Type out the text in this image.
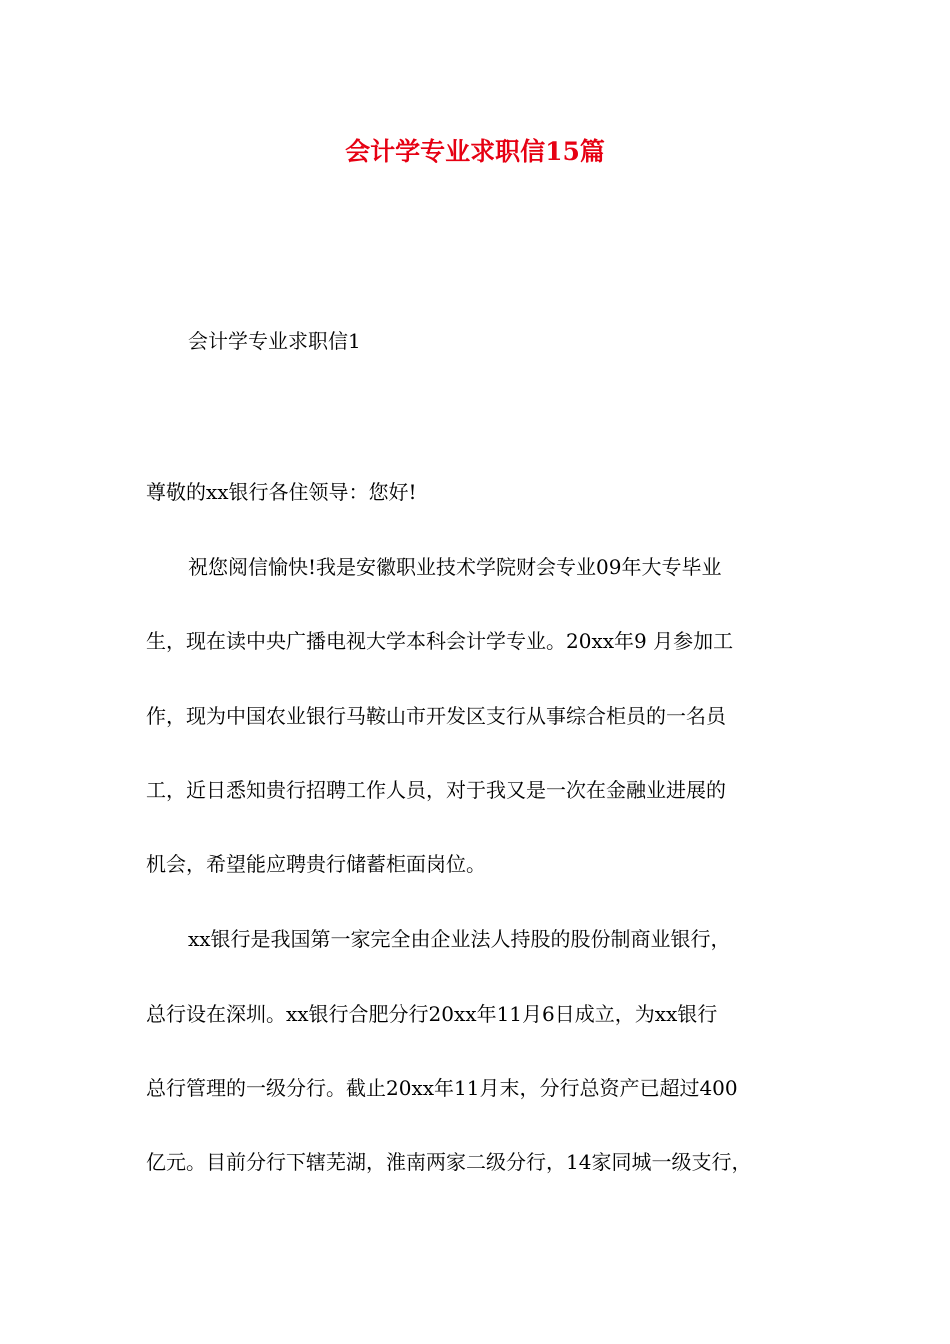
会计学专业求职信15篇

会计学专业求职信1

尊敬的xx银行各住领导：您好!

祝您阅信愉快!我是安徽职业技术学院财会专业09年大专毕业

生，现在读中央广播电视大学本科会计学专业。20xx年9 月参加工

作，现为中国农业银行马鞍山市开发区支行从事综合柜员的一名员

工，近日悉知贵行招聘工作人员，对于我又是一次在金融业进展的

机会，希望能应聘贵行储蓄柜面岗位。

xx银行是我国第一家完全由企业法人持股的股份制商业银行，

总行设在深圳。xx银行合肥分行20xx年11月6日成立，为xx银行

总行管理的一级分行。截止20xx年11月末，分行总资产已超过400

亿元。目前分行下辖芜湖，淮南两家二级分行，14家同城一级支行，
